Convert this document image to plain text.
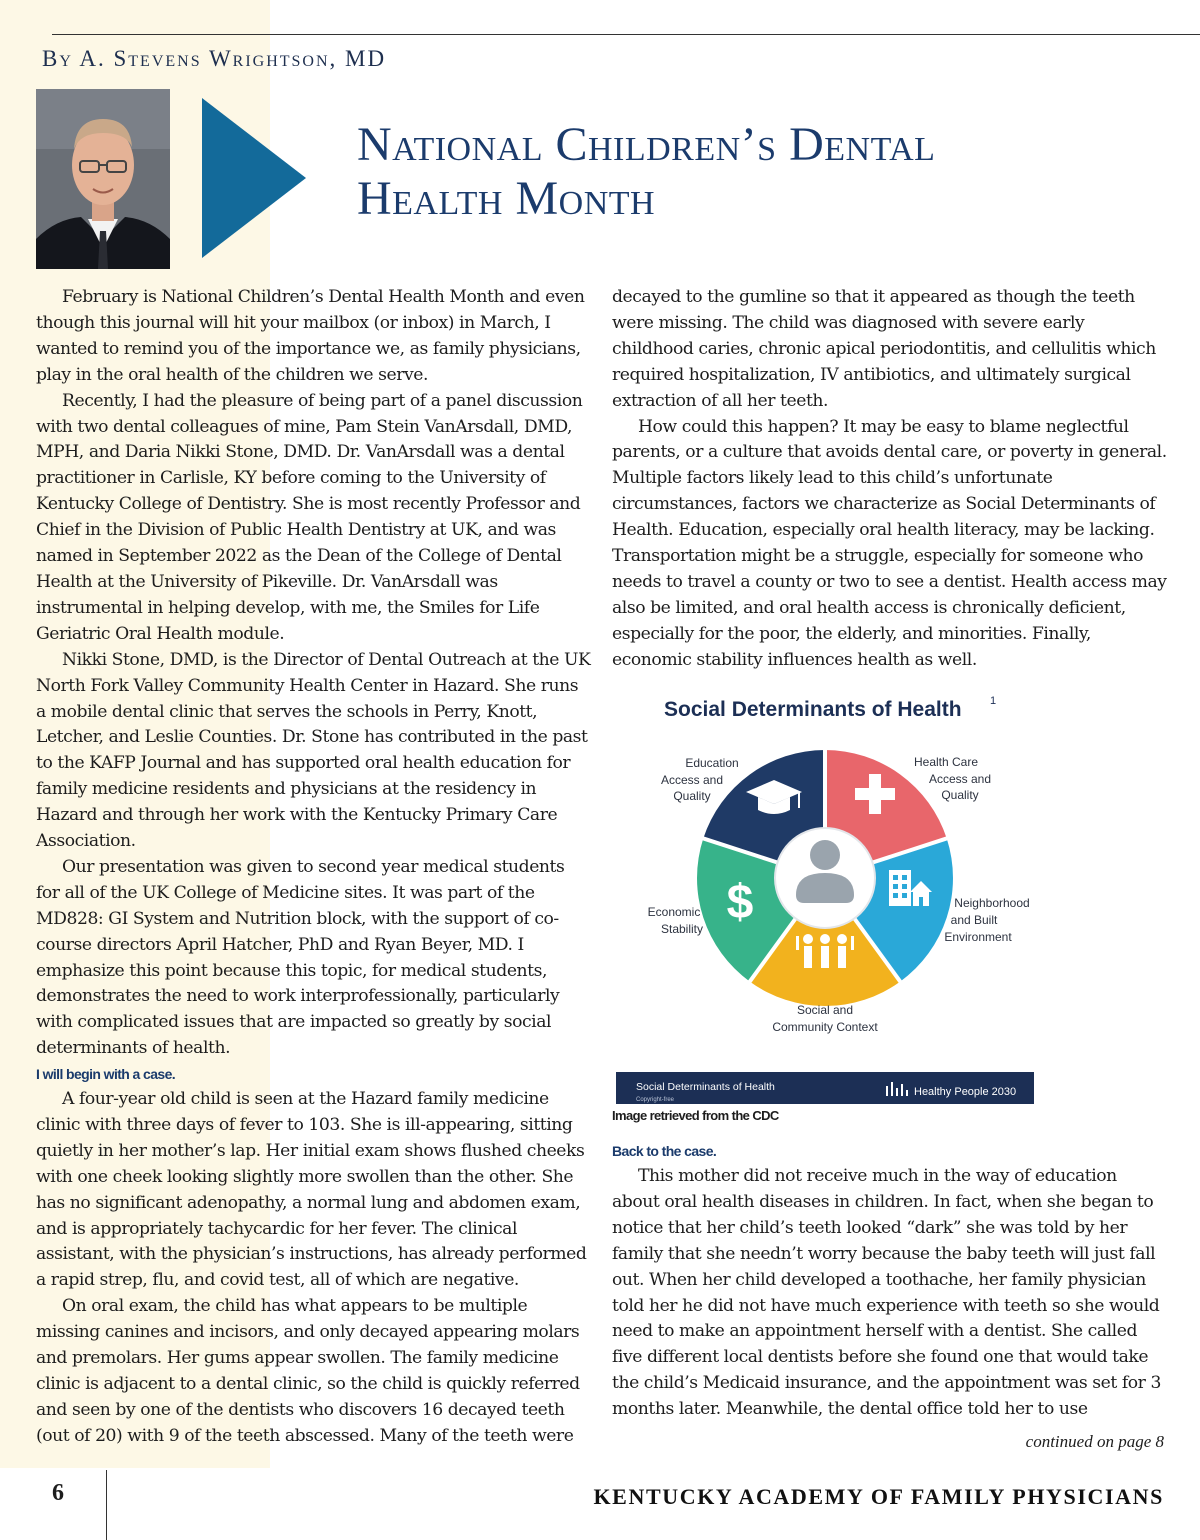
By A. Stevens Wrightson, MD
National Children’s Dental
Health Month

February is National Children’s Dental Health Month and even though this journal will hit your mailbox (or inbox) in March, I wanted to remind you of the importance we, as family physicians, play in the oral health of the children we serve.

Recently, I had the pleasure of being part of a panel discussion with two dental colleagues of mine, Pam Stein VanArsdall, DMD, MPH, and Daria Nikki Stone, DMD. Dr. VanArsdall was a dental practitioner in Carlisle, KY before coming to the University of Kentucky College of Dentistry. She is most recently Professor and Chief in the Division of Public Health Dentistry at UK, and was named in September 2022 as the Dean of the College of Dental Health at the University of Pikeville. Dr. VanArsdall was instrumental in helping develop, with me, the Smiles for Life Geriatric Oral Health module.

Nikki Stone, DMD, is the Director of Dental Outreach at the UK North Fork Valley Community Health Center in Hazard. She runs a mobile dental clinic that serves the schools in Perry, Knott, Letcher, and Leslie Counties. Dr. Stone has contributed in the past to the KAFP Journal and has supported oral health education for family medicine residents and physicians at the residency in Hazard and through her work with the Kentucky Primary Care Association.

Our presentation was given to second year medical students for all of the UK College of Medicine sites. It was part of the MD828: GI System and Nutrition block, with the support of co-course directors April Hatcher, PhD and Ryan Beyer, MD. I emphasize this point because this topic, for medical students, demonstrates the need to work interprofessionally, particularly with complicated issues that are impacted so greatly by social determinants of health.

I will begin with a case.

A four-year old child is seen at the Hazard family medicine clinic with three days of fever to 103. She is ill-appearing, sitting quietly in her mother’s lap. Her initial exam shows flushed cheeks with one cheek looking slightly more swollen than the other. She has no significant adenopathy, a normal lung and abdomen exam, and is appropriately tachycardic for her fever. The clinical assistant, with the physician’s instructions, has already performed a rapid strep, flu, and covid test, all of which are negative.

On oral exam, the child has what appears to be multiple missing canines and incisors, and only decayed appearing molars and premolars. Her gums appear swollen. The family medicine clinic is adjacent to a dental clinic, so the child is quickly referred and seen by one of the dentists who discovers 16 decayed teeth (out of 20) with 9 of the teeth abscessed. Many of the teeth were

decayed to the gumline so that it appeared as though the teeth were missing. The child was diagnosed with severe early childhood caries, chronic apical periodontitis, and cellulitis which required hospitalization, IV antibiotics, and ultimately surgical extraction of all her teeth.

How could this happen? It may be easy to blame neglectful parents, or a culture that avoids dental care, or poverty in general. Multiple factors likely lead to this child’s unfortunate circumstances, factors we characterize as Social Determinants of Health. Education, especially oral health literacy, may be lacking. Transportation might be a struggle, especially for someone who needs to travel a county or two to see a dentist. Health access may also be limited, and oral health access is chronically deficient, especially for the poor, the elderly, and minorities. Finally, economic stability influences health as well.

Social Determinants of Health	1
$
Education
Access and
Quality
Health Care
Access and
Quality
Neighborhood
and Built
Environment
Economic
Stability
Social and
Community Context
Social Determinants of Health
Copyright-free
Healthy People 2030
Image retrieved from the CDC
Back to the case.

This mother did not receive much in the way of education about oral health diseases in children. In fact, when she began to notice that her child’s teeth looked “dark” she was told by her family that she needn’t worry because the baby teeth will just fall out. When her child developed a toothache, her family physician told her he did not have much experience with teeth so she would need to make an appointment herself with a dentist. She called five different local dentists before she found one that would take the child’s Medicaid insurance, and the appointment was set for 3 months later. Meanwhile, the dental office told her to use

continued on page 8
6	KENTUCKY ACADEMY OF FAMILY PHYSICIANS
